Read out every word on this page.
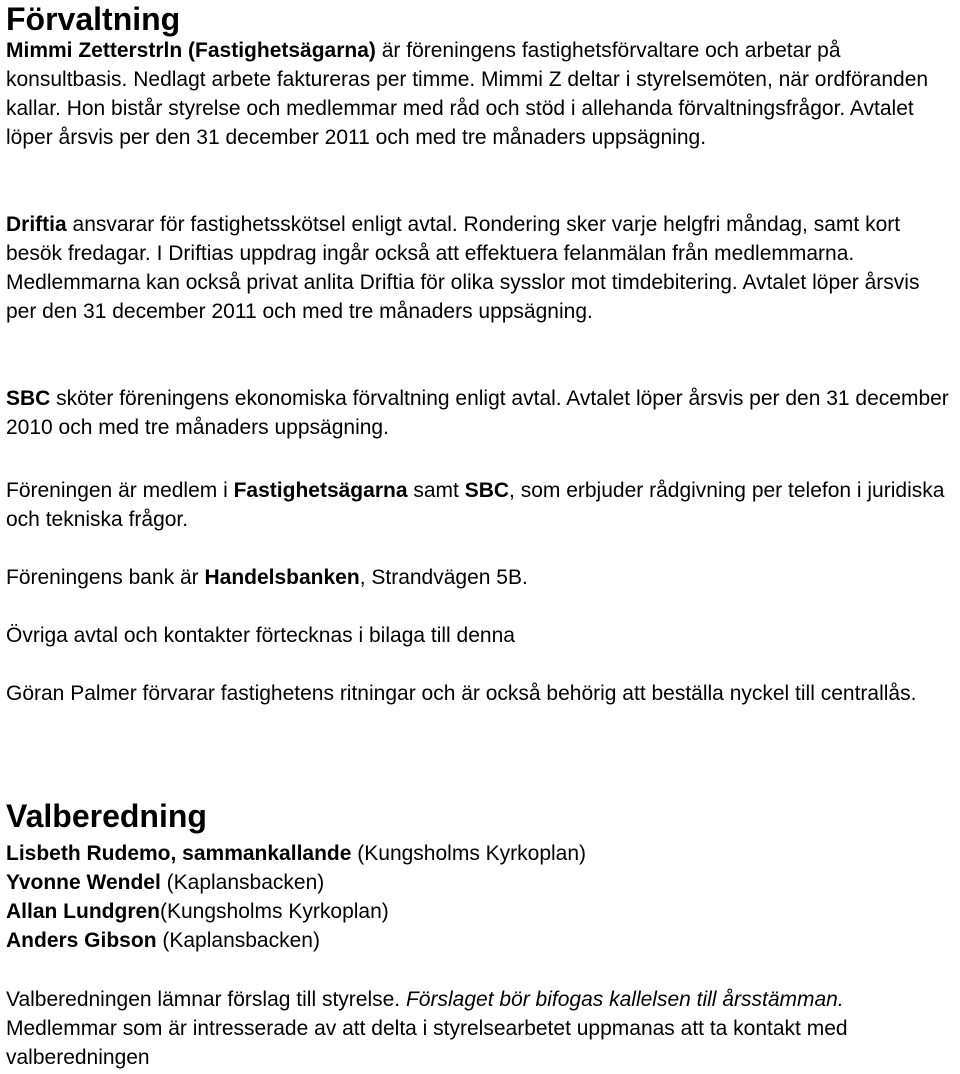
Förvaltning

Mimmi Zetterstrln (Fastighetsägarna) är föreningens fastighetsförvaltare och arbetar på konsultbasis. Nedlagt arbete faktureras per timme. Mimmi Z deltar i styrelsemöten, när ordföranden kallar. Hon bistår styrelse och medlemmar med råd och stöd i allehanda förvaltningsfrågor. Avtalet löper årsvis per den 31 december 2011 och med tre månaders uppsägning.

Driftia ansvarar för fastighetsskötsel enligt avtal. Rondering sker varje helgfri måndag, samt kort besök fredagar. I Driftias uppdrag ingår också att effektuera felanmälan från medlemmarna. Medlemmarna kan också privat anlita Driftia för olika sysslor mot timdebitering. Avtalet löper årsvis per den 31 december 2011 och med tre månaders uppsägning.

SBC sköter föreningens ekonomiska förvaltning enligt avtal. Avtalet löper årsvis per den 31 december 2010 och med tre månaders uppsägning.

Föreningen är medlem i Fastighetsägarna samt SBC, som erbjuder rådgivning per telefon i juridiska och tekniska frågor.

Föreningens bank är Handelsbanken, Strandvägen 5B.

Övriga avtal och kontakter förtecknas i bilaga till denna

Göran Palmer förvarar fastighetens ritningar och är också behörig att beställa nyckel till centrallås.

Valberedning

Lisbeth Rudemo, sammankallande (Kungsholms Kyrkoplan)
Yvonne Wendel (Kaplansbacken)
Allan Lundgren(Kungsholms Kyrkoplan)
Anders Gibson (Kaplansbacken)

Valberedningen lämnar förslag till styrelse. Förslaget bör bifogas kallelsen till årsstämman. Medlemmar som är intresserade av att delta i styrelsearbetet uppmanas att ta kontakt med valberedningen
